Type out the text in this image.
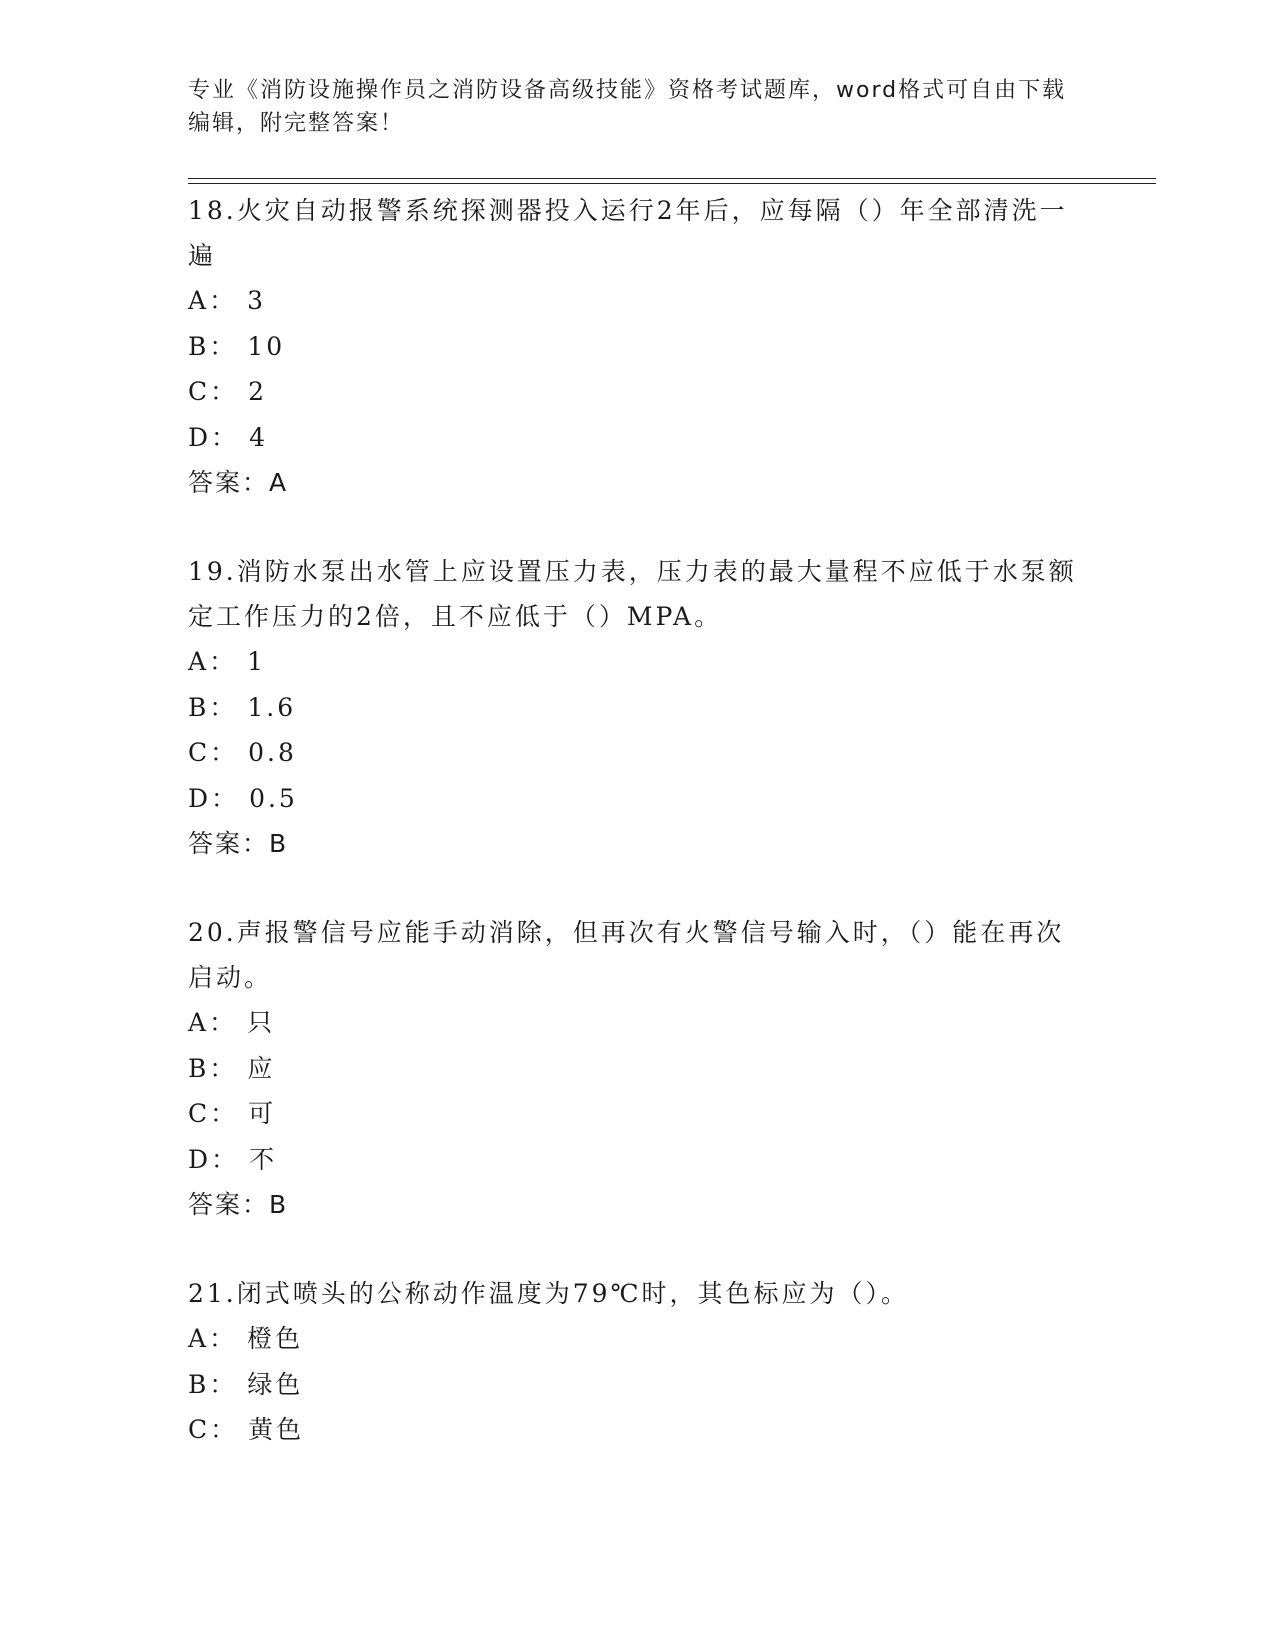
专业《消防设施操作员之消防设备高级技能》资格考试题库，word格式可自由下载编辑，附完整答案！

18.火灾自动报警系统探测器投入运行2年后，应每隔（）年全部清洗一遍

A： 3

B： 10

C： 2

D： 4

答案：A

19.消防水泵出水管上应设置压力表，压力表的最大量程不应低于水泵额定工作压力的2倍，且不应低于（）MPA。

A： 1

B： 1.6

C： 0.8

D： 0.5

答案：B

20.声报警信号应能手动消除，但再次有火警信号输入时，（）能在再次启动。

A： 只

B： 应

C： 可

D： 不

答案：B

21.闭式喷头的公称动作温度为79℃时，其色标应为（）。

A： 橙色

B： 绿色

C： 黄色
